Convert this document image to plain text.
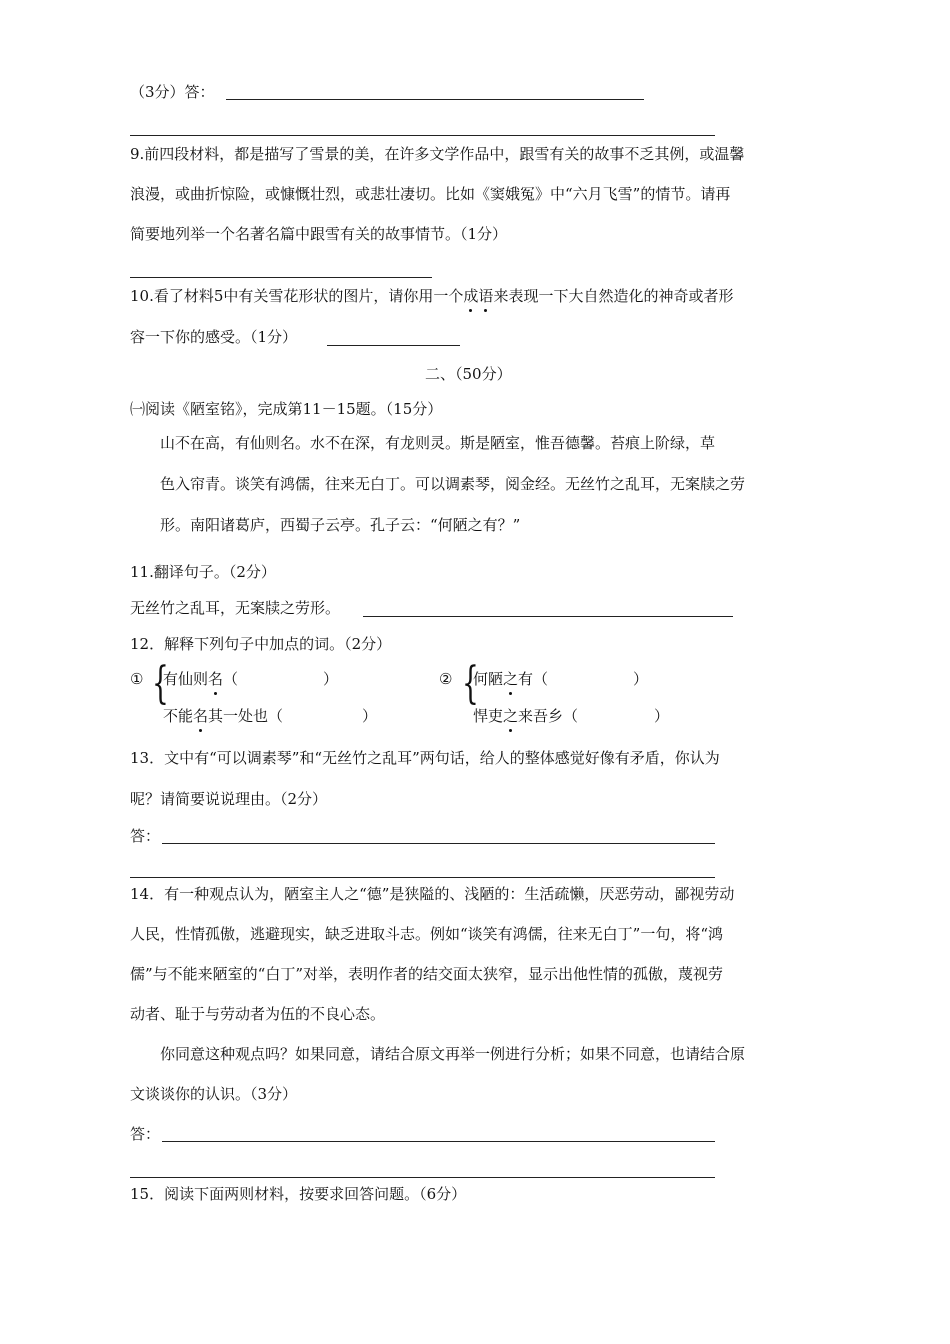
（3分）答：
9.前四段材料，都是描写了雪景的美，在许多文学作品中，跟雪有关的故事不乏其例，或温馨
浪漫，或曲折惊险，或慷慨壮烈，或悲壮凄切。比如《窦娥冤》中“六月飞雪”的情节。请再
简要地列举一个名著名篇中跟雪有关的故事情节。（1分）
10.看了材料5中有关雪花形状的图片，请你用一个成语来表现一下大自然造化的神奇或者形
容一下你的感受。（1分）
二、（50分）
㈠阅读《陋室铭》，完成第11－15题。（15分）
山不在高，有仙则名。水不在深，有龙则灵。斯是陋室，惟吾德馨。苔痕上阶绿，草
色入帘青。谈笑有鸿儒，往来无白丁。可以调素琴，阅金经。无丝竹之乱耳，无案牍之劳
形。南阳诸葛庐，西蜀子云亭。孔子云：“何陋之有？”
11.翻译句子。（2分）
无丝竹之乱耳，无案牍之劳形。
12．解释下列句子中加点的词。（2分）
① {
有仙则名（	）
不能名其一处也（	）
② {
何陋之有（	）
悍吏之来吾乡（	）
13．文中有“可以调素琴”和“无丝竹之乱耳”两句话，给人的整体感觉好像有矛盾，你认为
呢？请简要说说理由。（2分）
答：
14．有一种观点认为，陋室主人之“德”是狭隘的、浅陋的：生活疏懒，厌恶劳动，鄙视劳动
人民，性情孤傲，逃避现实，缺乏进取斗志。例如“谈笑有鸿儒，往来无白丁”一句，将“鸿
儒”与不能来陋室的“白丁”对举，表明作者的结交面太狭窄，显示出他性情的孤傲，蔑视劳
动者、耻于与劳动者为伍的不良心态。
你同意这种观点吗？如果同意，请结合原文再举一例进行分析；如果不同意，也请结合原
文谈谈你的认识。（3分）
答：
15．阅读下面两则材料，按要求回答问题。（6分）
